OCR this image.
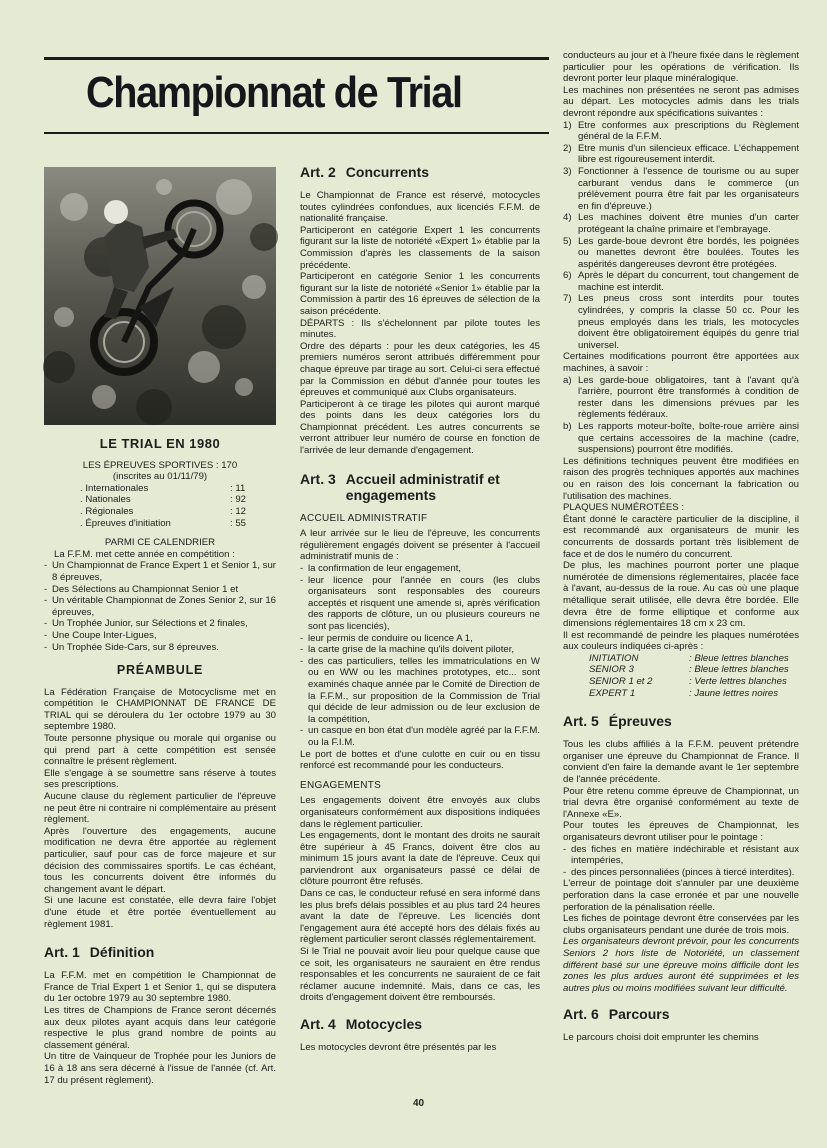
Championnat de Trial
LE TRIAL EN 1980

LES ÉPREUVES SPORTIVES : 170

(inscrites au 01/11/79)

. Internationales	: 11
. Nationales	: 92
. Régionales	: 12
. Épreuves d'initiation	: 55

PARMI CE CALENDRIER

La F.F.M. met cette année en compétition :

- Un Championnat de France Expert 1 et Senior 1, sur 8 épreuves,
- Des Sélections au Championnat Senior 1 et
- Un véritable Championnat de Zones Senior 2, sur 16 épreuves,
- Un Trophée Junior, sur Sélections et 2 finales,
- Une Coupe Inter-Ligues,
- Un Trophée Side-Cars, sur 8 épreuves.
PRÉAMBULE

La Fédération Française de Motocyclisme met en compétition le CHAMPIONNAT DE FRANCE DE TRIAL qui se déroulera du 1er octobre 1979 au 30 septembre 1980.

Toute personne physique ou morale qui organise ou qui prend part à cette compétition est sensée connaître le présent règlement.

Elle s'engage à se soumettre sans réserve à toutes ses prescriptions.

Aucune clause du règlement particulier de l'épreuve ne peut être ni contraire ni complémentaire au présent règlement.

Après l'ouverture des engagements, aucune modification ne devra être apportée au règlement particulier, sauf pour cas de force majeure et sur décision des commissaires sportifs. Le cas échéant, tous les concurrents doivent être informés du changement avant le départ.

Si une lacune est constatée, elle devra faire l'objet d'une étude et être portée éventuellement au règlement 1981.

Art. 1 Définition

La F.F.M. met en compétition le Championnat de France de Trial Expert 1 et Senior 1, qui se disputera du 1er octobre 1979 au 30 septembre 1980.

Les titres de Champions de France seront décernés aux deux pilotes ayant acquis dans leur catégorie respective le plus grand nombre de points au classement général.

Un titre de Vainqueur de Trophée pour les Juniors de 16 à 18 ans sera décerné à l'issue de l'année (cf. Art. 17 du présent règlement).

Art. 2 Concurrents

Le Championnat de France est réservé, motocycles toutes cylindrées confondues, aux licenciés F.F.M. de nationalité française.

Participeront en catégorie Expert 1 les concurrents figurant sur la liste de notoriété «Expert 1» établie par la Commission d'après les classements de la saison précédente.

Participeront en catégorie Senior 1 les concurrents figurant sur la liste de notoriété «Senior 1» établie par la Commission à partir des 16 épreuves de sélection de la saison précédente.

DÉPARTS : Ils s'échelonnent par pilote toutes les minutes.

Ordre des départs : pour les deux catégories, les 45 premiers numéros seront attribués différemment pour chaque épreuve par tirage au sort. Celui-ci sera effectué par la Commission en début d'année pour toutes les épreuves et communiqué aux Clubs organisateurs.

Participeront à ce tirage les pilotes qui auront marqué des points dans les deux catégories lors du Championnat précédent. Les autres concurrents se verront attribuer leur numéro de course en fonction de l'arrivée de leur demande d'engagement.

Art. 3 Accueil administratif et engagements
ACCUEIL ADMINISTRATIF

A leur arrivée sur le lieu de l'épreuve, les concurrents régulièrement engagés doivent se présenter à l'accueil administratif munis de :

- la confirmation de leur engagement,
- leur licence pour l'année en cours (les clubs organisateurs sont responsables des coureurs acceptés et risquent une amende si, après vérification des rapports de clôture, un ou plusieurs coureurs ne sont pas licenciés),
- leur permis de conduire ou licence A 1,
- la carte grise de la machine qu'ils doivent piloter,
- des cas particuliers, telles les immatriculations en W ou en WW ou les machines prototypes, etc... sont examinés chaque année par le Comité de Direction de la F.F.M., sur proposition de la Commission de Trial qui décide de leur admission ou de leur exclusion de la compétition,
- un casque en bon état d'un modèle agréé par la F.F.M. ou la F.I.M.

Le port de bottes et d'une culotte en cuir ou en tissu renforcé est recommandé pour les conducteurs.

ENGAGEMENTS

Les engagements doivent être envoyés aux clubs organisateurs conformément aux dispositions indiquées dans le règlement particulier.

Les engagements, dont le montant des droits ne saurait être supérieur à 45 Francs, doivent être clos au minimum 15 jours avant la date de l'épreuve. Ceux qui parviendront aux organisateurs passé ce délai de clôture pourront être refusés.

Dans ce cas, le conducteur refusé en sera informé dans les plus brefs délais possibles et au plus tard 24 heures avant la date de l'épreuve. Les licenciés dont l'engagement aura été accepté hors des délais fixés au règlement particulier seront classés réglementairement.

Si le Trial ne pouvait avoir lieu pour quelque cause que ce soit, les organisateurs ne sauraient en être rendus responsables et les concurrents ne sauraient de ce fait réclamer aucune indemnité. Mais, dans ce cas, les droits d'engagement doivent être remboursés.

Art. 4 Motocycles

Les motocycles devront être présentés par les

conducteurs au jour et à l'heure fixée dans le règlement particulier pour les opérations de vérification. Ils devront porter leur plaque minéralogique.

Les machines non présentées ne seront pas admises au départ. Les motocycles admis dans les trials devront répondre aux spécifications suivantes :

1) Etre conformes aux prescriptions du Règlement général de la F.F.M.
2) Etre munis d'un silencieux efficace. L'échappement libre est rigoureusement interdit.
3) Fonctionner à l'essence de tourisme ou au super carburant vendus dans le commerce (un prélèvement pourra être fait par les organisateurs en fin d'épreuve.)
4) Les machines doivent être munies d'un carter protégeant la chaîne primaire et l'embrayage.
5) Les garde-boue devront être bordés, les poignées ou manettes devront être boulées. Toutes les aspérités dangereuses devront être protégées.
6) Après le départ du concurrent, tout changement de machine est interdit.
7) Les pneus cross sont interdits pour toutes cylindrées, y compris la classe 50 cc. Pour les pneus employés dans les trials, les motocycles doivent être obligatoirement équipés du genre trial universel.

Certaines modifications pourront être apportées aux machines, à savoir :

a) Les garde-boue obligatoires, tant à l'avant qu'à l'arrière, pourront être transformés à condition de rester dans les dimensions prévues par les règlements fédéraux.
b) Les rapports moteur-boîte, boîte-roue arrière ainsi que certains accessoires de la machine (cadre, suspensions) pourront être modifiés.

Les définitions techniques peuvent être modifiées en raison des progrès techniques apportés aux machines ou en raison des lois concernant la fabrication ou l'utilisation des machines.

PLAQUES NUMÉROTÉES :

Étant donné le caractère particulier de la discipline, il est recommandé aux organisateurs de munir les concurrents de dossards portant très lisiblement de face et de dos le numéro du concurrent.

De plus, les machines pourront porter une plaque numérotée de dimensions réglementaires, placée face à l'avant, au-dessus de la roue. Au cas où une plaque métallique serait utilisée, elle devra être bordée. Elle devra être de forme elliptique et conforme aux dimensions réglementaires 18 cm x 23 cm.

Il est recommandé de peindre les plaques numérotées aux couleurs indiquées ci-après :

INITIATION	: Bleue lettres blanches
SENIOR 3	: Bleue lettres blanches
SENIOR 1 et 2	: Verte lettres blanches
EXPERT 1	: Jaune lettres noires
Art. 5 Épreuves

Tous les clubs affiliés à la F.F.M. peuvent prétendre organiser une épreuve du Championnat de France. Il convient d'en faire la demande avant le 1er septembre de l'année précédente.

Pour être retenu comme épreuve de Championnat, un trial devra être organisé conformément au texte de l'Annexe «E».

Pour toutes les épreuves de Championnat, les organisateurs devront utiliser pour le pointage :

- des fiches en matière indéchirable et résistant aux intempéries,
- des pinces personnaliées (pinces à tiercé interdites).

L'erreur de pointage doit s'annuler par une deuxième perforation dans la case erronée et par une nouvelle perforation de la pénalisation réelle.

Les fiches de pointage devront être conservées par les clubs organisateurs pendant une durée de trois mois.

Les organisateurs devront prévoir, pour les concurrents Seniors 2 hors liste de Notoriété, un classement différent basé sur une épreuve moins difficile dont les zones les plus ardues auront été supprimées et les autres plus ou moins modifiées suivant leur difficulté.

Art. 6 Parcours

Le parcours choisi doit emprunter les chemins

40
